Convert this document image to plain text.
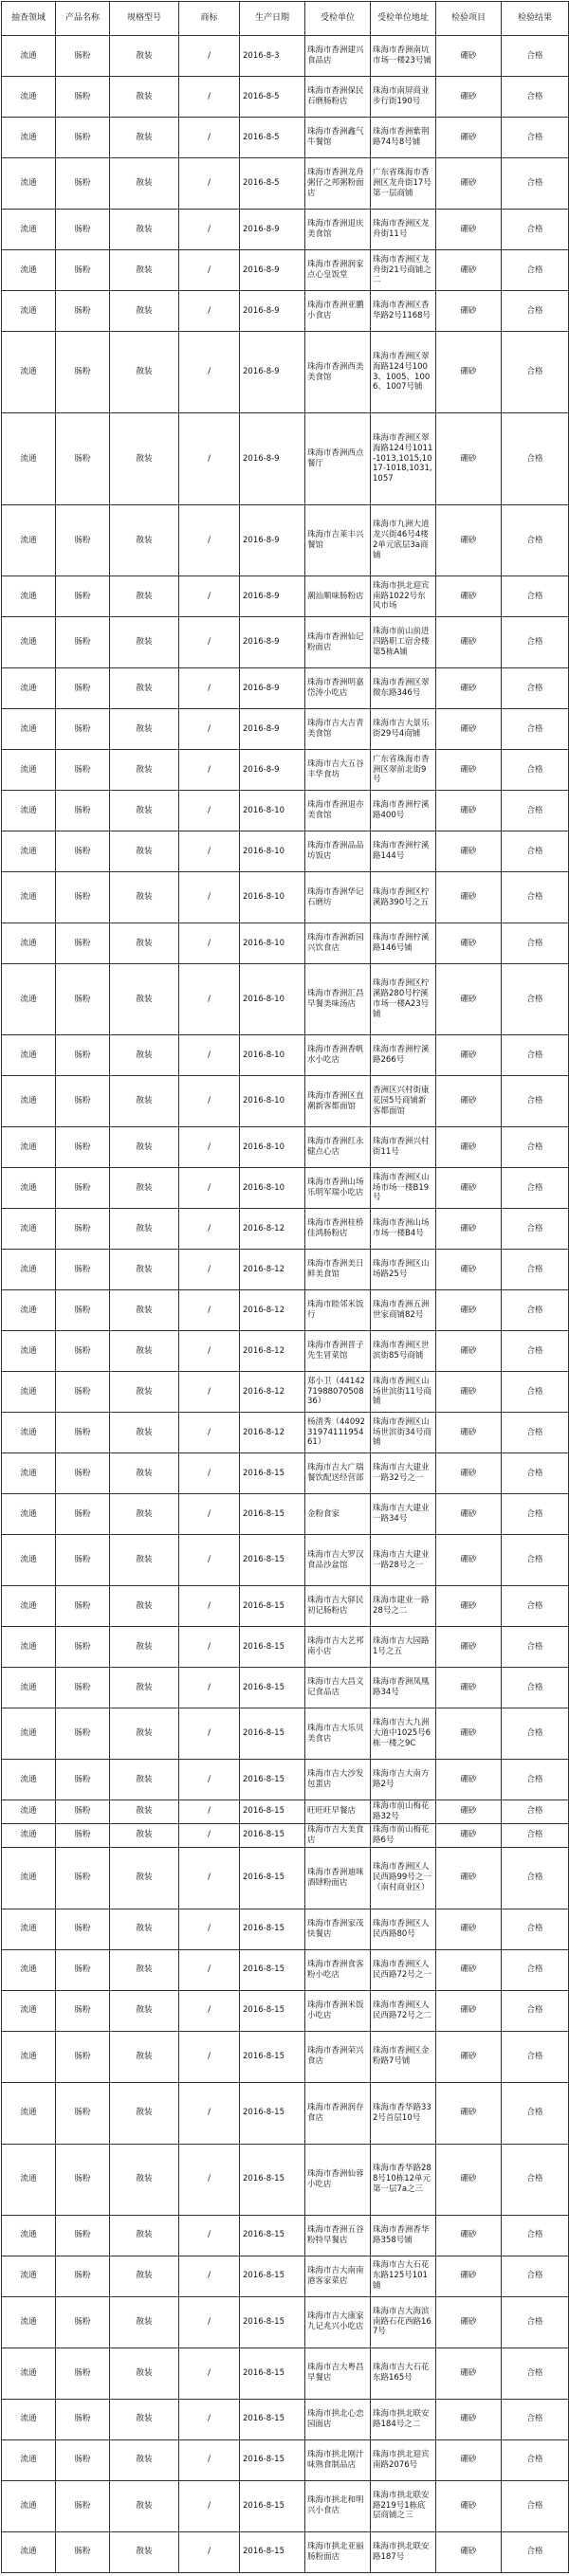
抽查领域	产品名称	规格型号	商标	生产日期	受检单位	受检单位地址	检验项目	检验结果
流通	肠粉	散装	/	2016-8-3	珠海市香洲建兴食品店	珠海市香洲南坑市场一楼23号铺	硼砂	合格
流通	肠粉	散装	/	2016-8-5	珠海市香洲保民石磨肠粉店	珠海市南屏商业步行街190号	硼砂	合格
流通	肠粉	散装	/	2016-8-5	珠海市香洲鑫气牛餐馆	珠海市香洲紫荆路74号8号铺	硼砂	合格
流通	肠粉	散装	/	2016-8-5	珠海市香洲龙舟粥仔之邦粥粉面店	广东省珠海市香洲区龙舟街17号第一层商铺	硼砂	合格
流通	肠粉	散装	/	2016-8-9	珠海市香洲退庆美食馆	珠海市香洲区龙舟街11号	硼砂	合格
流通	肠粉	散装	/	2016-8-9	珠海市香洲润家点心皇饭堂	珠海市香洲区龙舟街21号商铺之二	硼砂	合格
流通	肠粉	散装	/	2016-8-9	珠海市香洲亚鹏小食店	珠海市香洲区香华路2号1168号	硼砂	合格
流通	肠粉	散装	/	2016-8-9	珠海市香洲西美美食馆	珠海市香洲区翠海路124号1003、1005、1006、1007号铺	硼砂	合格
流通	肠粉	散装	/	2016-8-9	珠海市香洲西点餐厅	珠海市香洲区翠海路124号1011-1013,1015,1017-1018,1031,1057	硼砂	合格
流通	肠粉	散装	/	2016-8-9	珠海市吉莱丰兴餐馆	珠海市九洲大道龙兴街46号4楼2单元底层3a商铺	硼砂	合格
流通	肠粉	散装	/	2016-8-9	潮汕顺味肠粉店	珠海市拱北迎宾南路1022号东风市场	硼砂	合格
流通	肠粉	散装	/	2016-8-9	珠海市香洲仙记粉面店	珠海市前山前进四路职工宿舍楼第5栋A铺	硼砂	合格
流通	肠粉	散装	/	2016-8-9	珠海市香洲明嘉岱涛小吃店	珠海市香洲区翠微东路346号	硼砂	合格
流通	肠粉	散装	/	2016-8-9	珠海市吉大吉青美食馆	珠海市吉大景乐街29号4商铺	硼砂	合格
流通	肠粉	散装	/	2016-8-9	珠海市吉大五谷丰华食坊	广东省珠海市香洲区翠前北街9号	硼砂	合格
流通	肠粉	散装	/	2016-8-10	珠海市香洲退亦美食馆	珠海市香洲柠溪路400号	硼砂	合格
流通	肠粉	散装	/	2016-8-10	珠海市香洲品品坊饭店	珠海市香洲柠溪路144号	硼砂	合格
流通	肠粉	散装	/	2016-8-10	珠海市香洲华记石磨坊	珠海市香洲区柠溪路390号之五	硼砂	合格
流通	肠粉	散装	/	2016-8-10	珠海市香洲新园兴饮食店	珠海市香洲柠溪路146号铺	硼砂	合格
流通	肠粉	散装	/	2016-8-10	珠海市香洲汇昌早餐美味汤店	珠海市香洲区柠溪路280号柠溪市场一楼A23号铺	硼砂	合格
流通	肠粉	散装	/	2016-8-10	珠海市香洲香帆水小吃店	珠海市香洲柠溪路266号	硼砂	合格
流通	肠粉	散装	/	2016-8-10	珠海市香洲区直潮新客都面馆	香洲区兴村街康花园5号商铺新客都面馆	硼砂	合格
流通	肠粉	散装	/	2016-8-10	珠海市香洲红永健点心店	珠海市香洲兴村街11号	硼砂	合格
流通	肠粉	散装	/	2016-8-10	珠海市香洲山场乐明军瑞小吃店	珠海市香洲区山场市场一楼B19号	硼砂	合格
流通	肠粉	散装	/	2016-8-12	珠海市香洲桂桥佳鸿肠粉店	珠海市香洲山场市场一楼B4号	硼砂	合格
流通	肠粉	散装	/	2016-8-12	珠海市香洲美日鲜美食馆	珠海市香洲区山场路25号	硼砂	合格
流通	肠粉	散装	/	2016-8-12	珠海市睦邻米饭行	珠海市香洲五洲世家商铺82号	硼砂	合格
流通	肠粉	散装	/	2016-8-12	珠海市香洲晋子先生冒菜馆	珠海市香洲区世滨街85号商铺	硼砂	合格
流通	肠粉	散装	/	2016-8-12	郑小卫（441427198807050836）	珠海市香洲区山场世滨街11号商铺	硼砂	合格
流通	肠粉	散装	/	2016-8-12	杨清秀（440923197411195461）	珠海市香洲区山场世滨街34号商铺	硼砂	合格
流通	肠粉	散装	/	2016-8-15	珠海市吉大广瑞餐饮配送经营部	珠海市吉大建业一路32号之一	硼砂	合格
流通	肠粉	散装	/	2016-8-15	金粉食家	珠海市吉大建业一路34号	硼砂	合格
流通	肠粉	散装	/	2016-8-15	珠海市吉大罗汉食品沙盆馆	珠海市吉大建业一路28号之一	硼砂	合格
流通	肠粉	散装	/	2016-8-15	珠海市吉大驿民初记肠粉店	珠海市建业一路28号之二	硼砂	合格
流通	肠粉	散装	/	2016-8-15	珠海市吉大艺邦南小店	珠海市吉大园路1号之五	硼砂	合格
流通	肠粉	散装	/	2016-8-15	珠海市吉大昌文记食品店	珠海市香洲凤凰路34号	硼砂	合格
流通	肠粉	散装	/	2016-8-15	珠海市吉大乐贝美食店	珠海市吉大九洲大道中1025号6栋一楼之9C	硼砂	合格
流通	肠粉	散装	/	2016-8-15	珠海市吉大沙发包蛋店	珠海市吉大南方路2号	硼砂	合格
流通	肠粉	散装	/	2016-8-15	旺旺旺早餐店	珠海市前山梅花路32号	硼砂	合格
流通	肠粉	散装	/	2016-8-15	珠海市吉大美食店	珠海市前山梅花路6号	硼砂	合格
流通	肠粉	散装	/	2016-8-15	珠海市香洲迪咪酒肆粉面店	珠海市香洲区人民西路99号之一（南村商业区）	硼砂	合格
流通	肠粉	散装	/	2016-8-15	珠海市香洲家茂快餐店	珠海市香洲区人民西路80号	硼砂	合格
流通	肠粉	散装	/	2016-8-15	珠海市香洲食客粉小吃店	珠海市香洲区人民西路72号之一	硼砂	合格
流通	肠粉	散装	/	2016-8-15	珠海市香洲米饭小吃店	珠海市香洲区人民西路72号之二	硼砂	合格
流通	肠粉	散装	/	2016-8-15	珠海市香洲荣兴食店	珠海市香洲区金粉路7号铺	硼砂	合格
流通	肠粉	散装	/	2016-8-15	珠海市香洲润存食店	珠海市香华路332号首层10号	硼砂	合格
流通	肠粉	散装	/	2016-8-15	珠海市香洲仙蓉小吃店	珠海市香华路288号10栋12单元第一层7a之三	硼砂	合格
流通	肠粉	散装	/	2016-8-15	珠海市香洲五谷粉特早餐店	珠海市香洲香华路358号铺	硼砂	合格
流通	肠粉	散装	/	2016-8-15	珠海市吉大南南港客家菜店	珠海市吉大石花东路125号101铺	硼砂	合格
流通	肠粉	散装	/	2016-8-15	珠海市吉大康家九记兆兴小吃店	珠海市吉大海滨南路石花西路167号	硼砂	合格
流通	肠粉	散装	/	2016-8-15	珠海市吉大粤昌早餐店	珠海市吉大石花东路165号	硼砂	合格
流通	肠粉	散装	/	2016-8-15	珠海市拱北心恋园面店	珠海市拱北联安路184号之二	硼砂	合格
流通	肠粉	散装	/	2016-8-15	珠海市拱北刚汁味熟食制品店	珠海市拱北迎宾南路2076号	硼砂	合格
流通	肠粉	散装	/	2016-8-15	珠海市拱北和明兴小食店	珠海市拱北联安路219号1栋底层商铺之三	硼砂	合格
流通	肠粉	散装	/	2016-8-15	珠海市拱北亚丽肠粉面店	珠海市拱北联安路187号	硼砂	合格
